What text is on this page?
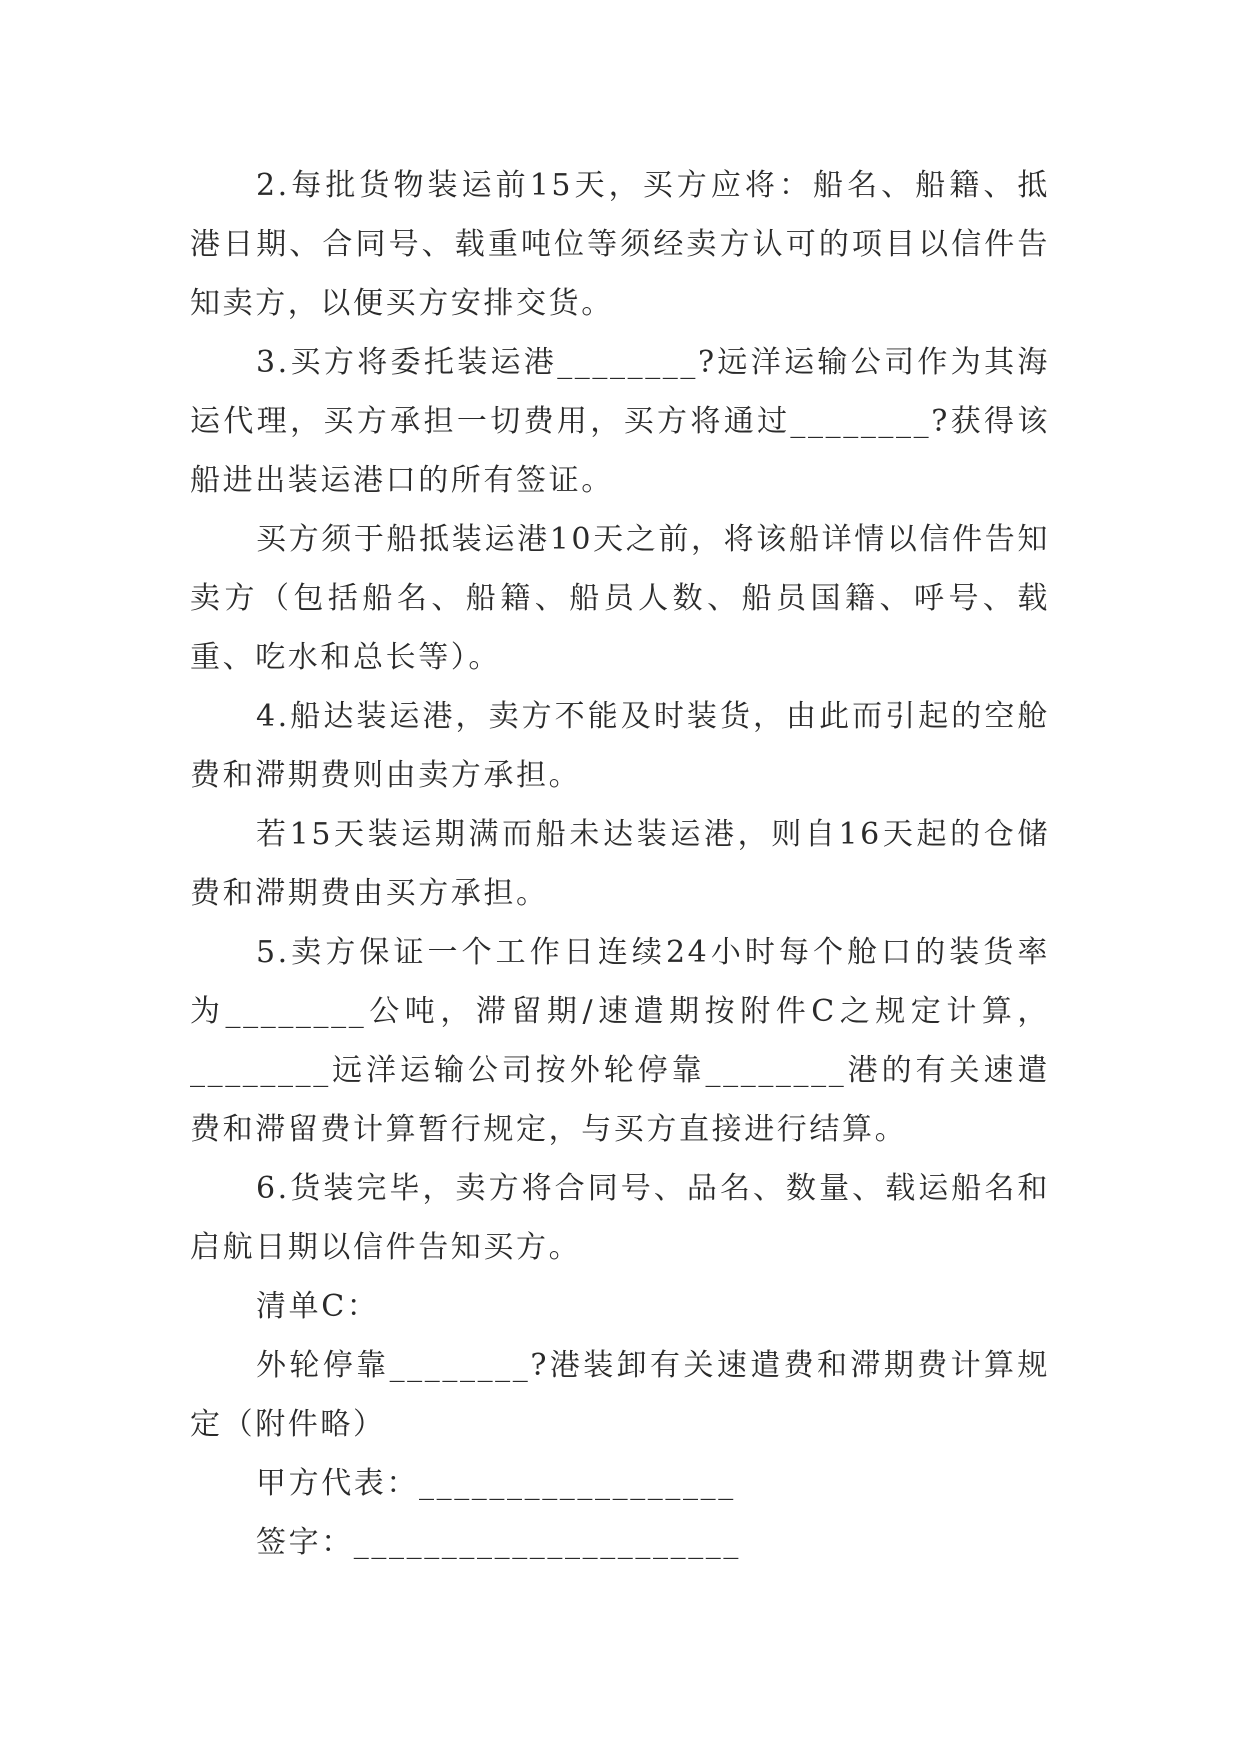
2.每批货物装运前15天，买方应将：船名、船籍、抵港日期、合同号、载重吨位等须经卖方认可的项目以信件告知卖方，以便买方安排交货。

3.买方将委托装运港________?远洋运输公司作为其海运代理，买方承担一切费用，买方将通过________?获得该船进出装运港口的所有签证。

买方须于船抵装运港10天之前，将该船详情以信件告知卖方（包括船名、船籍、船员人数、船员国籍、呼号、载重、吃水和总长等）。

4.船达装运港，卖方不能及时装货，由此而引起的空舱费和滞期费则由卖方承担。

若15天装运期满而船未达装运港，则自16天起的仓储费和滞期费由买方承担。

5.卖方保证一个工作日连续24小时每个舱口的装货率为________公吨，滞留期/速遣期按附件C之规定计算，________远洋运输公司按外轮停靠________港的有关速遣费和滞留费计算暂行规定，与买方直接进行结算。

6.货装完毕，卖方将合同号、品名、数量、载运船名和启航日期以信件告知买方。

清单C：

外轮停靠________?港装卸有关速遣费和滞期费计算规定（附件略）

甲方代表：__________________

签字：______________________
